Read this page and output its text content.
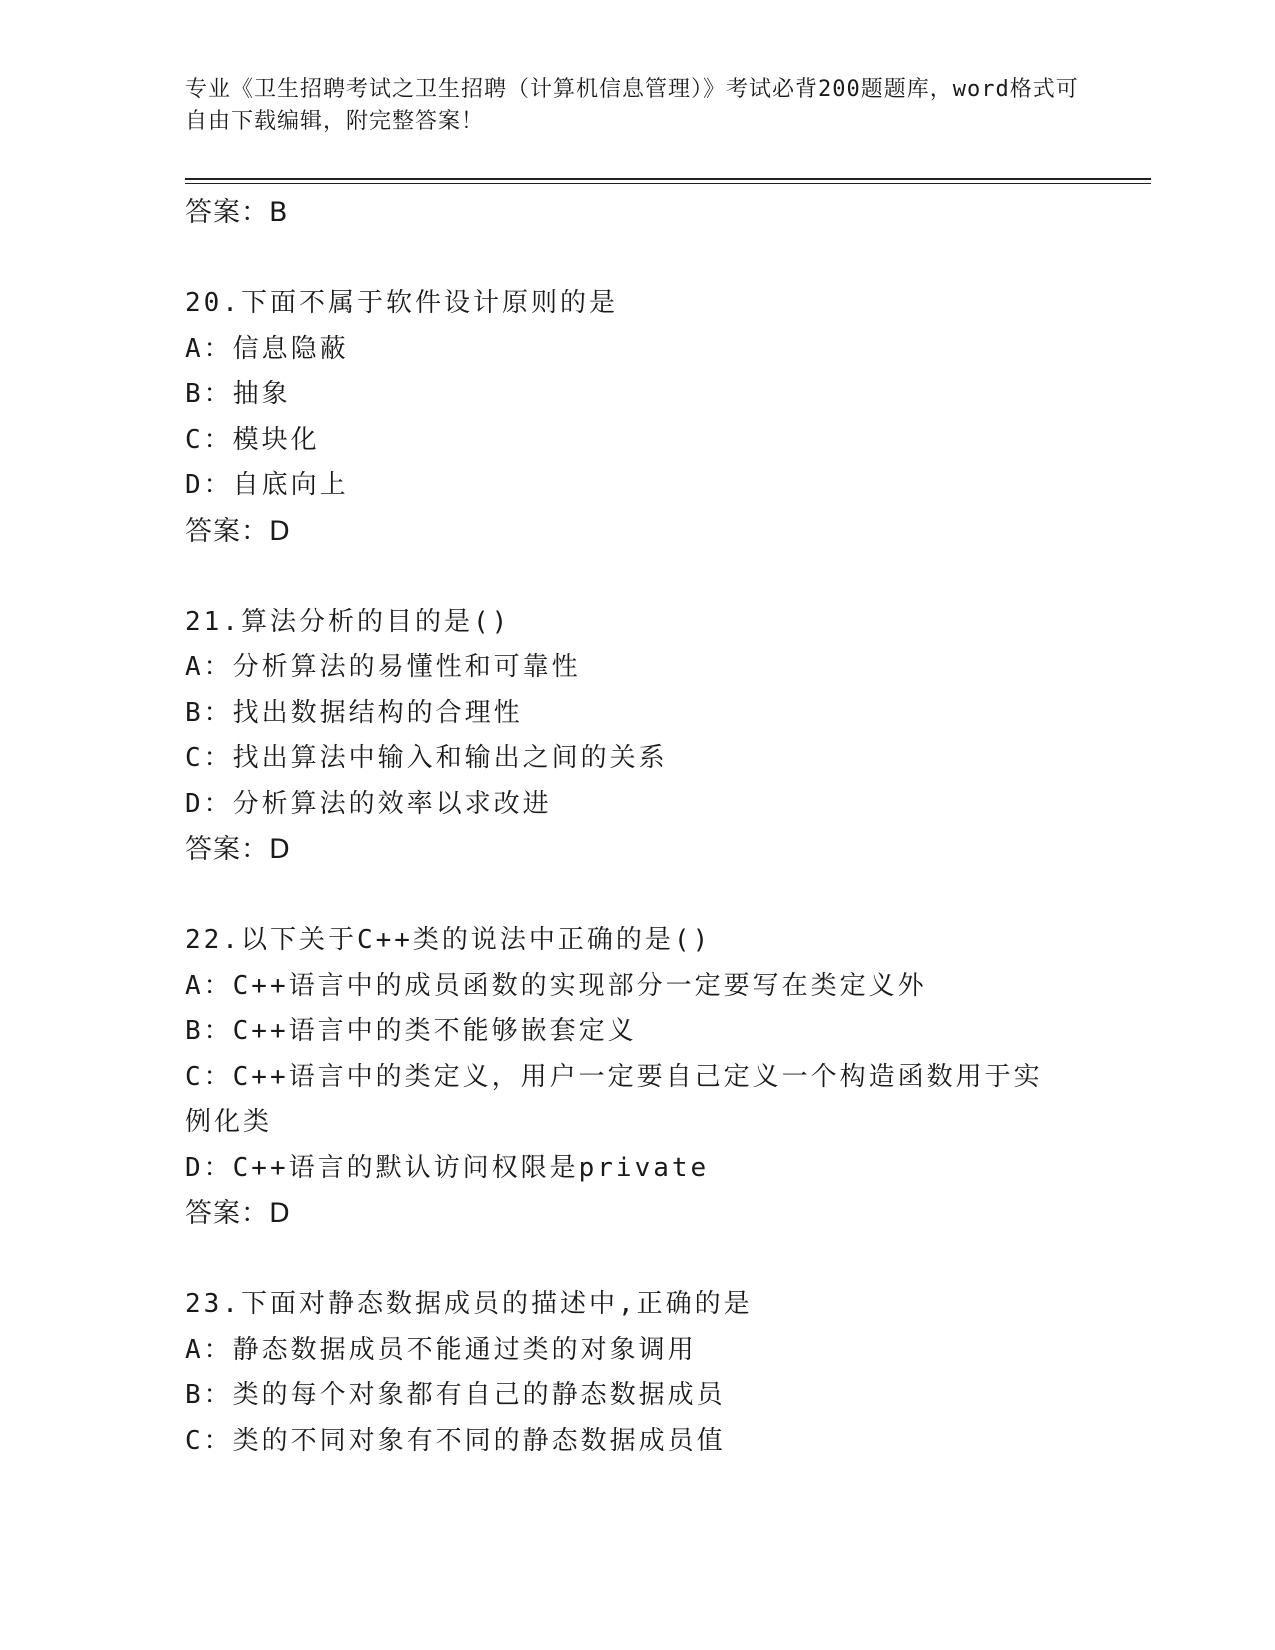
专业《卫生招聘考试之卫生招聘（计算机信息管理）》考试必背200题题库，word格式可自由下载编辑，附完整答案！
答案：B
20.下面不属于软件设计原则的是
A：信息隐蔽
B：抽象
C：模块化
D：自底向上
答案：D
21.算法分析的目的是()
A：分析算法的易懂性和可靠性
B：找出数据结构的合理性
C：找出算法中输入和输出之间的关系
D：分析算法的效率以求改进
答案：D
22.以下关于C++类的说法中正确的是()
A：C++语言中的成员函数的实现部分一定要写在类定义外
B：C++语言中的类不能够嵌套定义
C：C++语言中的类定义，用户一定要自己定义一个构造函数用于实例化类
D：C++语言的默认访问权限是private
答案：D
23.下面对静态数据成员的描述中,正确的是
A：静态数据成员不能通过类的对象调用
B：类的每个对象都有自己的静态数据成员
C：类的不同对象有不同的静态数据成员值
